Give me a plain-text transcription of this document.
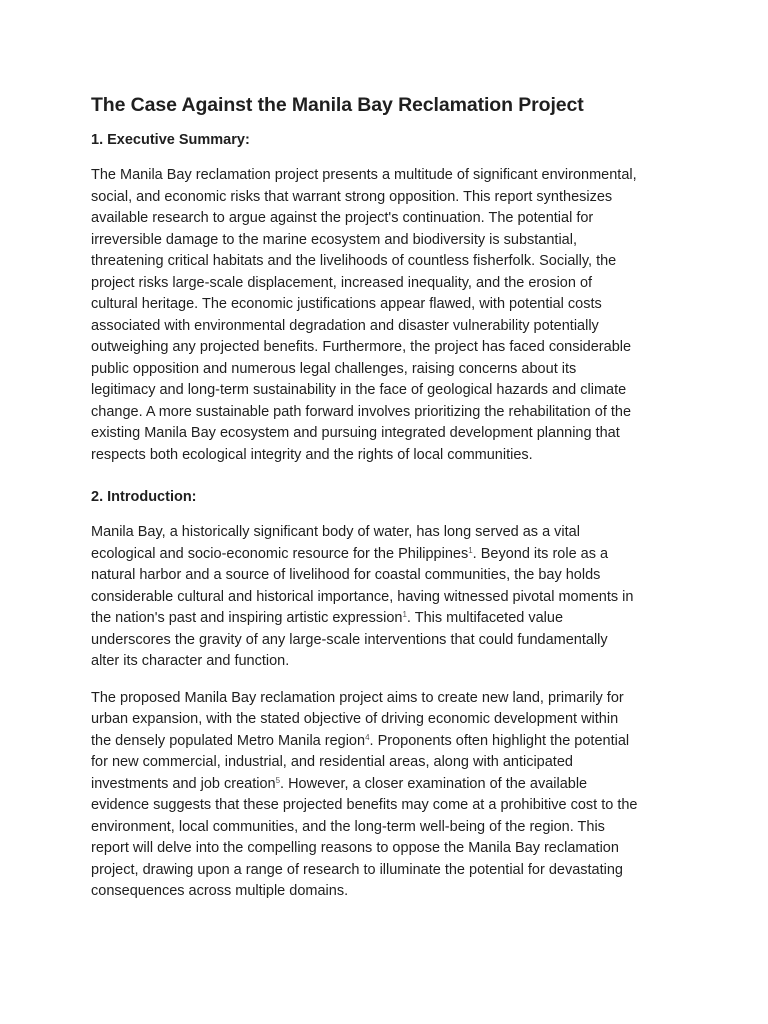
The Case Against the Manila Bay Reclamation Project
1. Executive Summary:

The Manila Bay reclamation project presents a multitude of significant environmental,
social, and economic risks that warrant strong opposition. This report synthesizes
available research to argue against the project's continuation. The potential for
irreversible damage to the marine ecosystem and biodiversity is substantial,
threatening critical habitats and the livelihoods of countless fisherfolk. Socially, the
project risks large-scale displacement, increased inequality, and the erosion of
cultural heritage. The economic justifications appear flawed, with potential costs
associated with environmental degradation and disaster vulnerability potentially
outweighing any projected benefits. Furthermore, the project has faced considerable
public opposition and numerous legal challenges, raising concerns about its
legitimacy and long-term sustainability in the face of geological hazards and climate
change. A more sustainable path forward involves prioritizing the rehabilitation of the
existing Manila Bay ecosystem and pursuing integrated development planning that
respects both ecological integrity and the rights of local communities.

2. Introduction:

Manila Bay, a historically significant body of water, has long served as a vital
ecological and socio-economic resource for the Philippines$^1$. Beyond its role as a
natural harbor and a source of livelihood for coastal communities, the bay holds
considerable cultural and historical importance, having witnessed pivotal moments in
the nation's past and inspiring artistic expression$^1$. This multifaceted value
underscores the gravity of any large-scale interventions that could fundamentally
alter its character and function.

The proposed Manila Bay reclamation project aims to create new land, primarily for
urban expansion, with the stated objective of driving economic development within
the densely populated Metro Manila region$^4$. Proponents often highlight the potential
for new commercial, industrial, and residential areas, along with anticipated
investments and job creation$^5$. However, a closer examination of the available
evidence suggests that these projected benefits may come at a prohibitive cost to the
environment, local communities, and the long-term well-being of the region. This
report will delve into the compelling reasons to oppose the Manila Bay reclamation
project, drawing upon a range of research to illuminate the potential for devastating
consequences across multiple domains.
